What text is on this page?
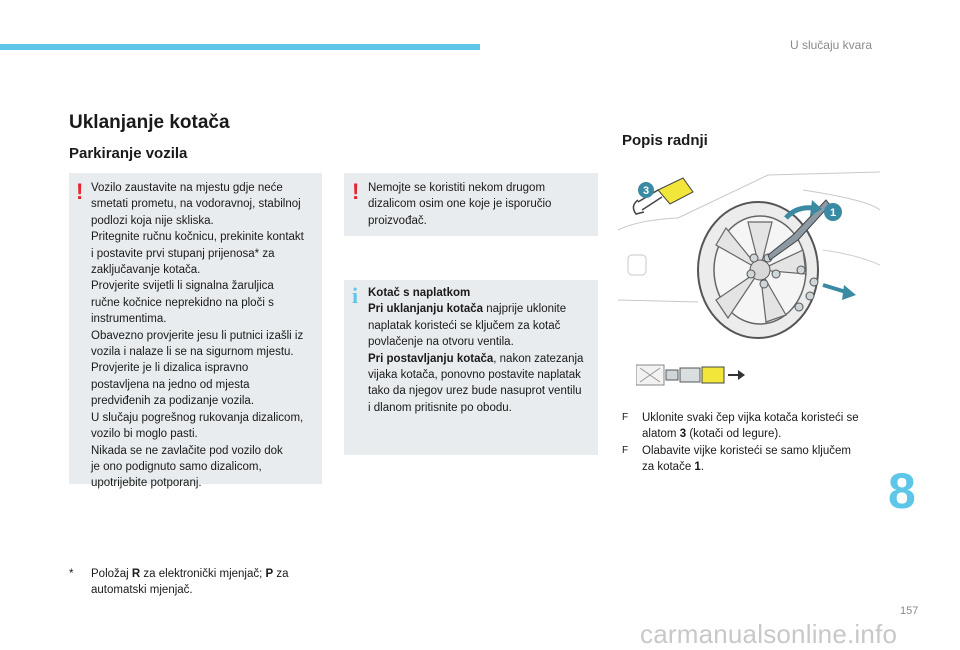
U slučaju kvara
Uklanjanje kotača
Parkiranje vozila
Popis radnji
! Vozilo zaustavite na mjestu gdje neće
smetati prometu, na vodoravnoj, stabilnoj
podlozi koja nije skliska.
Pritegnite ručnu kočnicu, prekinite kontakt
i postavite prvi stupanj prijenosa* za
zaključavanje kotača.
Provjerite svijetli li signalna žaruljica
ručne kočnice neprekidno na ploči s
instrumentima.
Obavezno provjerite jesu li putnici izašli iz
vozila i nalaze li se na sigurnom mjestu.
Provjerite je li dizalica ispravno
postavljena na jedno od mjesta
predviđenih za podizanje vozila.
U slučaju pogrešnog rukovanja dizalicom,
vozilo bi moglo pasti.
Nikada se ne zavlačite pod vozilo dok
je ono podignuto samo dizalicom,
upotrijebite potporanj.
! Nemojte se koristiti nekom drugom
dizalicom osim one koje je isporučio
proizvođač.
i Kotač s naplatkom
Pri uklanjanju kotača najprije uklonite
naplatak koristeći se ključem za kotač
povlačenje na otvoru ventila.
Pri postavljanju kotača, nakon zatezanja
vijaka kotača, ponovno postavite naplatak
tako da njegov urez bude nasuprot ventilu
i dlanom pritisnite po obodu.
1
3
F Uklonite svaki čep vijka kotača koristeći se
alatom 3 (kotači od legure).
F Olabavite vijke koristeći se samo ključem
za kotače 1.
* Položaj R za elektronički mjenjač; P za
automatski mjenjač.
8
157
carmanualsonline.info
